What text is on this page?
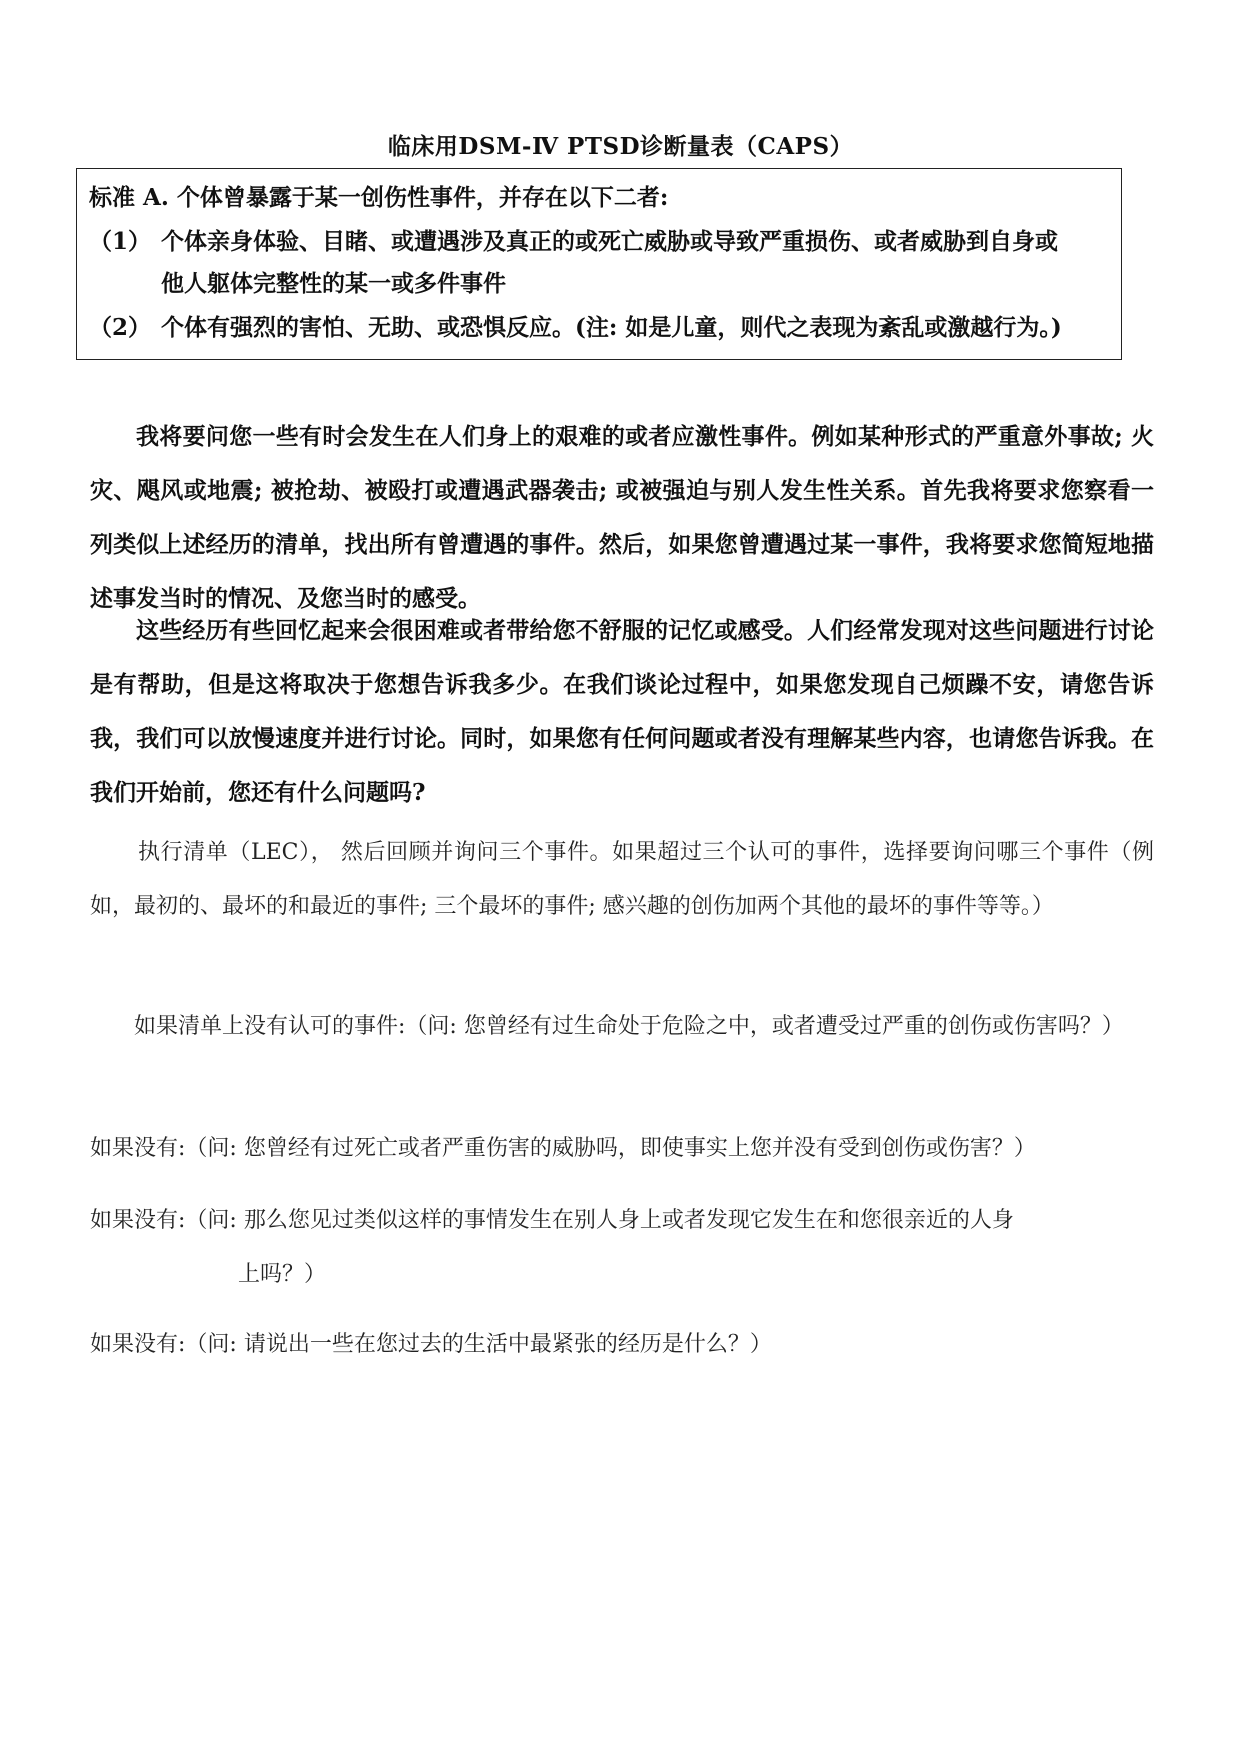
临床用DSM-Ⅳ PTSD诊断量表（CAPS）
标准 A. 个体曾暴露于某一创伤性事件，并存在以下二者:
（1） 个体亲身体验、目睹、或遭遇涉及真正的或死亡威胁或导致严重损伤、或者威胁到自身或
他人躯体完整性的某一或多件事件
（2） 个体有强烈的害怕、无助、或恐惧反应。(注: 如是儿童，则代之表现为紊乱或激越行为。)
我将要问您一些有时会发生在人们身上的艰难的或者应激性事件。例如某种形式的严重意外事故; 火灾、飓风或地震; 被抢劫、被殴打或遭遇武器袭击; 或被强迫与别人发生性关系。首先我将要求您察看一列类似上述经历的清单，找出所有曾遭遇的事件。然后，如果您曾遭遇过某一事件，我将要求您简短地描述事发当时的情况、及您当时的感受。
这些经历有些回忆起来会很困难或者带给您不舒服的记忆或感受。人们经常发现对这些问题进行讨论是有帮助，但是这将取决于您想告诉我多少。在我们谈论过程中，如果您发现自己烦躁不安，请您告诉我，我们可以放慢速度并进行讨论。同时，如果您有任何问题或者没有理解某些内容，也请您告诉我。在我们开始前，您还有什么问题吗?
执行清单（LEC）， 然后回顾并询问三个事件。如果超过三个认可的事件，选择要询问哪三个事件（例如，最初的、最坏的和最近的事件; 三个最坏的事件; 感兴趣的创伤加两个其他的最坏的事件等等。）
如果清单上没有认可的事件:（问: 您曾经有过生命处于危险之中，或者遭受过严重的创伤或伤害吗？）
如果没有:（问: 您曾经有过死亡或者严重伤害的威胁吗，即使事实上您并没有受到创伤或伤害？）
如果没有:（问: 那么您见过类似这样的事情发生在别人身上或者发现它发生在和您很亲近的人身
上吗？）
如果没有:（问: 请说出一些在您过去的生活中最紧张的经历是什么？）
